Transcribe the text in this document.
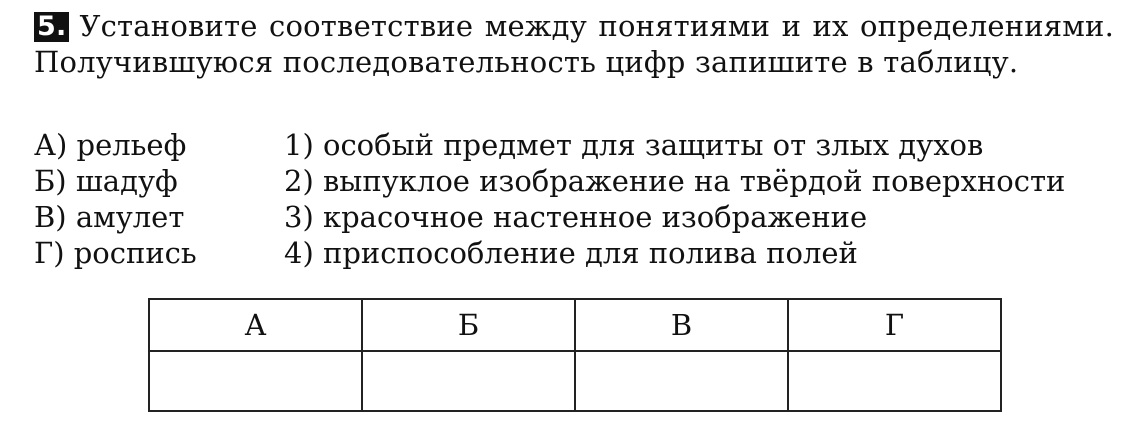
5. Установите соответствие между понятиями и их определениями. Получившуюся последовательность цифр запишите в таблицу.

А) рельеф	1) особый предмет для защиты от злых духов
Б) шадуф	2) выпуклое изображение на твёрдой поверхности
В) амулет	3) красочное настенное изображение
Г) роспись	4) приспособление для полива полей
А	Б	В	Г
